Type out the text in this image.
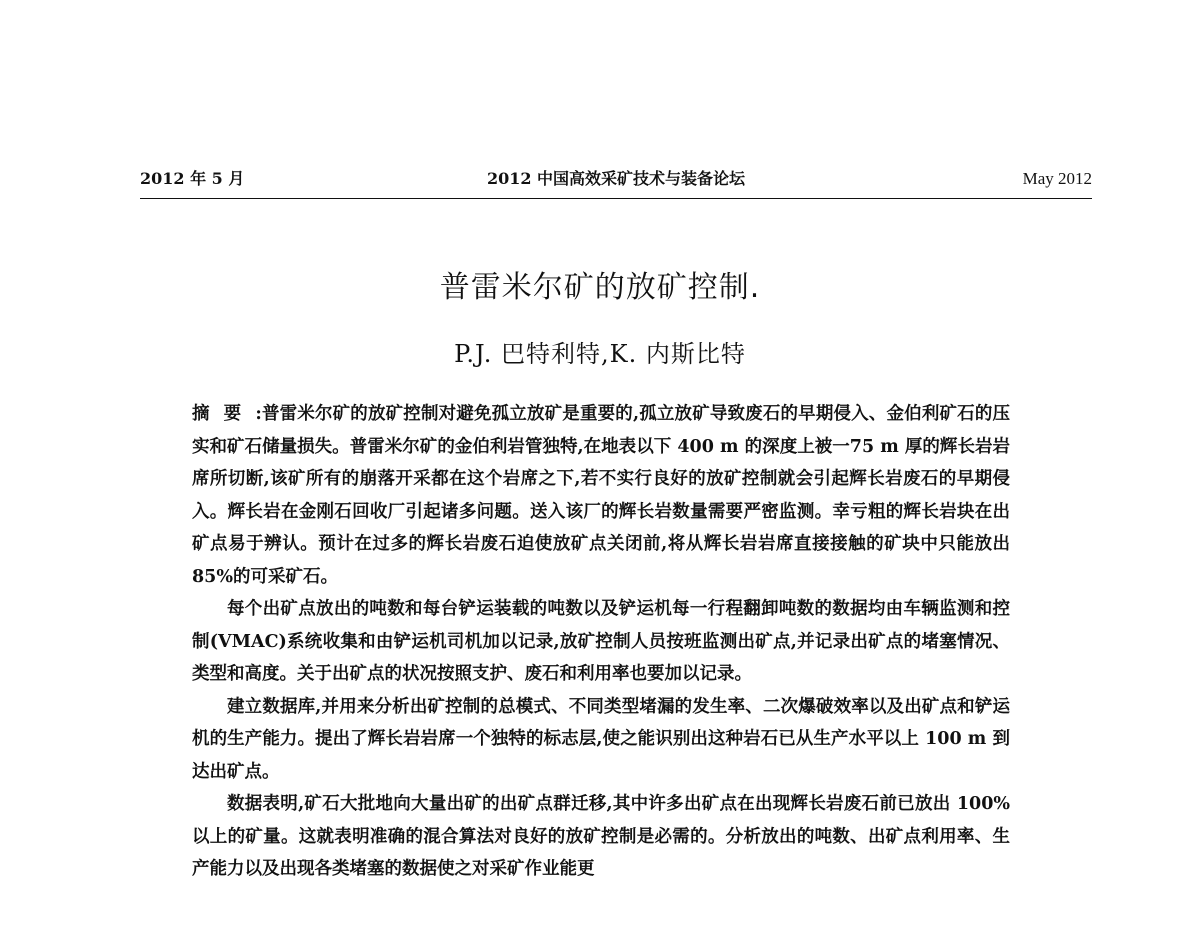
2012 年 5 月	2012 中国高效采矿技术与装备论坛	May 2012
普雷米尔矿的放矿控制.
P.J. 巴特利特,K. 内斯比特

摘要:普雷米尔矿的放矿控制对避免孤立放矿是重要的,孤立放矿导致废石的早期侵入、金伯利矿石的压实和矿石储量损失。普雷米尔矿的金伯利岩管独特,在地表以下 400 m 的深度上被一75 m 厚的辉长岩岩席所切断,该矿所有的崩落开采都在这个岩席之下,若不实行良好的放矿控制就会引起辉长岩废石的早期侵入。辉长岩在金刚石回收厂引起诸多问题。送入该厂的辉长岩数量需要严密监测。幸亏粗的辉长岩块在出矿点易于辨认。预计在过多的辉长岩废石迫使放矿点关闭前,将从辉长岩岩席直接接触的矿块中只能放出 85%的可采矿石。

每个出矿点放出的吨数和每台铲运装载的吨数以及铲运机每一行程翻卸吨数的数据均由车辆监测和控制(VMAC)系统收集和由铲运机司机加以记录,放矿控制人员按班监测出矿点,并记录出矿点的堵塞情况、类型和高度。关于出矿点的状况按照支护、废石和利用率也要加以记录。

建立数据库,并用来分析出矿控制的总模式、不同类型堵漏的发生率、二次爆破效率以及出矿点和铲运机的生产能力。提出了辉长岩岩席一个独特的标志层,使之能识别出这种岩石已从生产水平以上 100 m 到达出矿点。

数据表明,矿石大批地向大量出矿的出矿点群迁移,其中许多出矿点在出现辉长岩废石前已放出 100%以上的矿量。这就表明准确的混合算法对良好的放矿控制是必需的。分析放出的吨数、出矿点利用率、生产能力以及出现各类堵塞的数据使之对采矿作业能更
